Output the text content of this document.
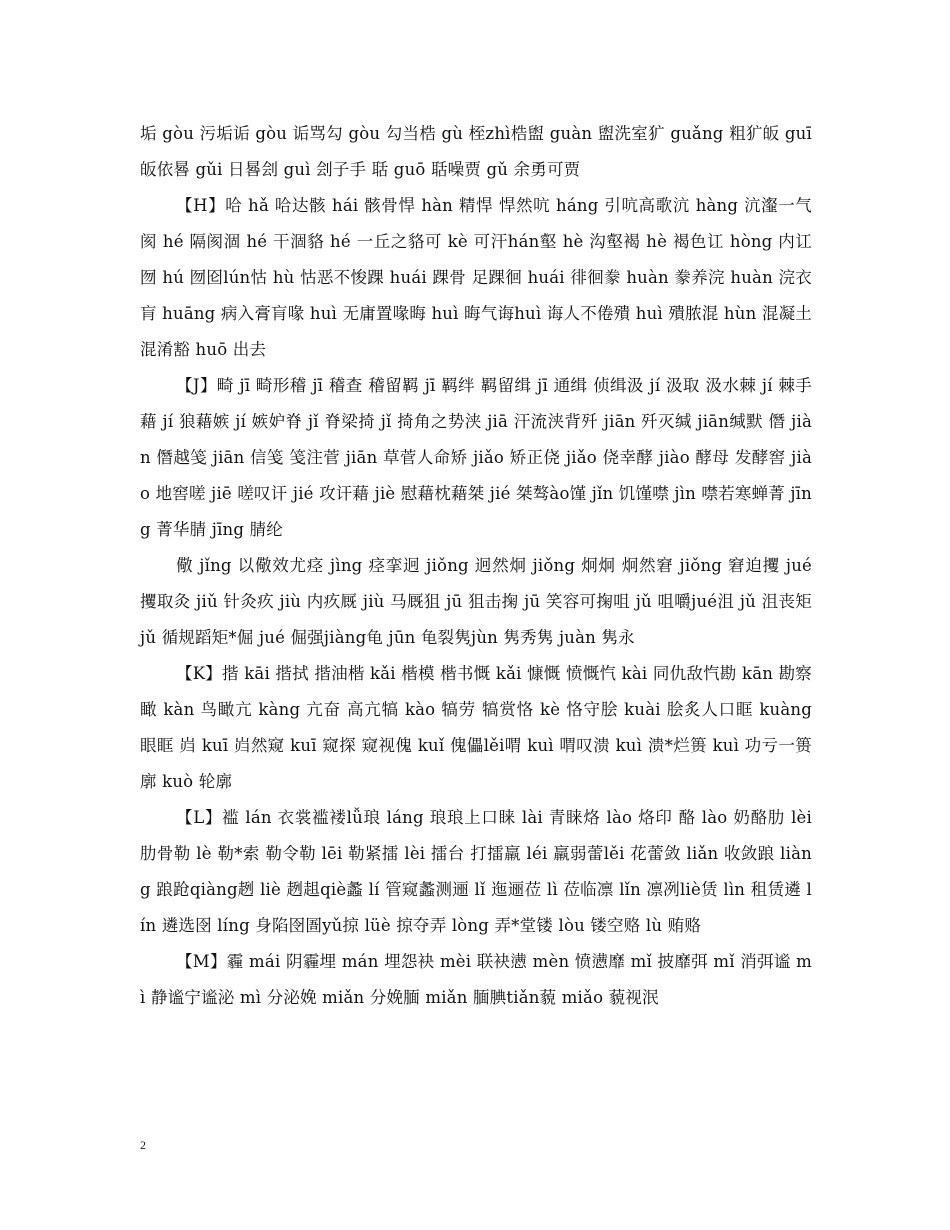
垢 gòu 污垢诟 gòu 诟骂勾 gòu 勾当梏 gù 桎zhì梏盥 guàn 盥洗室犷 guǎng 粗犷皈 guī 皈依晷 gǔi 日晷刽 guì 刽子手 聒 guō 聒噪贾 gǔ 余勇可贾

【H】哈 hǎ 哈达骸 hái 骸骨悍 hàn 精悍 悍然吭 háng 引吭高歌沆 hàng 沆瀣一气阂 hé 隔阂涸 hé 干涸貉 hé 一丘之貉可 kè 可汗hán壑 hè 沟壑褐 hè 褐色讧 hòng 内讧囫 hú 囫囵lún怙 hù 怙恶不悛踝 huái 踝骨 足踝徊 huái 徘徊豢 huàn 豢养浣 huàn 浣衣肓 huāng 病入膏肓喙 huì 无庸置喙晦 huì 晦气诲huì 诲人不倦殨 huì 殨脓混 hùn 混凝土 混淆豁 huō 出去

【J】畸 jī 畸形稽 jī 稽查 稽留羁 jī 羁绊 羁留缉 jī 通缉 侦缉汲 jí 汲取 汲水棘 jí 棘手藉 jí 狼藉嫉 jí 嫉妒脊 jǐ 脊梁掎 jǐ 掎角之势浃 jiā 汗流浃背歼 jiān 歼灭缄 jiān缄默 僭 jiàn 僭越笺 jiān 信笺 笺注菅 jiān 草菅人命矫 jiǎo 矫正侥 jiǎo 侥幸酵 jiào 酵母 发酵窖 jiào 地窖嗟 jiē 嗟叹讦 jié 攻讦藉 jiè 慰藉枕藉桀 jié 桀骜ào馑 jǐn 饥馑噤 jìn 噤若寒蝉菁 jīng 菁华腈 jīng 腈纶

儆 jǐng 以儆效尤痉 jìng 痉挛迥 jiǒng 迥然炯 jiǒng 炯炯 炯然窘 jiǒng 窘迫攫 jué 攫取灸 jiǔ 针灸疚 jiù 内疚厩 jiù 马厩狙 jū 狙击掬 jū 笑容可掬咀 jǔ 咀嚼jué沮 jǔ 沮丧矩 jǔ 循规蹈矩*倔 jué 倔强jiàng龟 jūn 龟裂隽jùn 隽秀隽 juàn 隽永

【K】揩 kāi 揩拭 揩油楷 kǎi 楷模 楷书慨 kǎi 慷慨 愤慨忾 kài 同仇敌忾勘 kān 勘察瞰 kàn 鸟瞰亢 kàng 亢奋 高亢犒 kào 犒劳 犒赏恪 kè 恪守脍 kuài 脍炙人口眶 kuàng 眼眶 岿 kuī 岿然窥 kuī 窥探 窥视傀 kuǐ 傀儡lěi喟 kuì 喟叹溃 kuì 溃*烂篑 kuì 功亏一篑廓 kuò 轮廓

【L】褴 lán 衣裳褴褛lǚ琅 láng 琅琅上口睐 lài 青睐烙 lào 烙印 酪 lào 奶酪肋 lèi 肋骨勒 lè 勒*索 勒令勒 lēi 勒紧擂 lèi 擂台 打擂羸 léi 羸弱蕾lěi 花蕾敛 liǎn 收敛踉 liàng 踉跄qiàng趔 liè 趔趄qiè蠡 lí 管窥蠡测逦 lǐ 迤逦莅 lì 莅临凛 lǐn 凛冽liè赁 lìn 租赁遴 lín 遴选囹 líng 身陷囹圄yǔ掠 lüè 掠夺弄 lòng 弄*堂镂 lòu 镂空赂 lù 贿赂

【M】霾 mái 阴霾埋 mán 埋怨袂 mèi 联袂懑 mèn 愤懑靡 mǐ 披靡弭 mǐ 消弭谧 mì 静谧宁谧泌 mì 分泌娩 miǎn 分娩腼 miǎn 腼腆tiǎn藐 miǎo 藐视泯

2
